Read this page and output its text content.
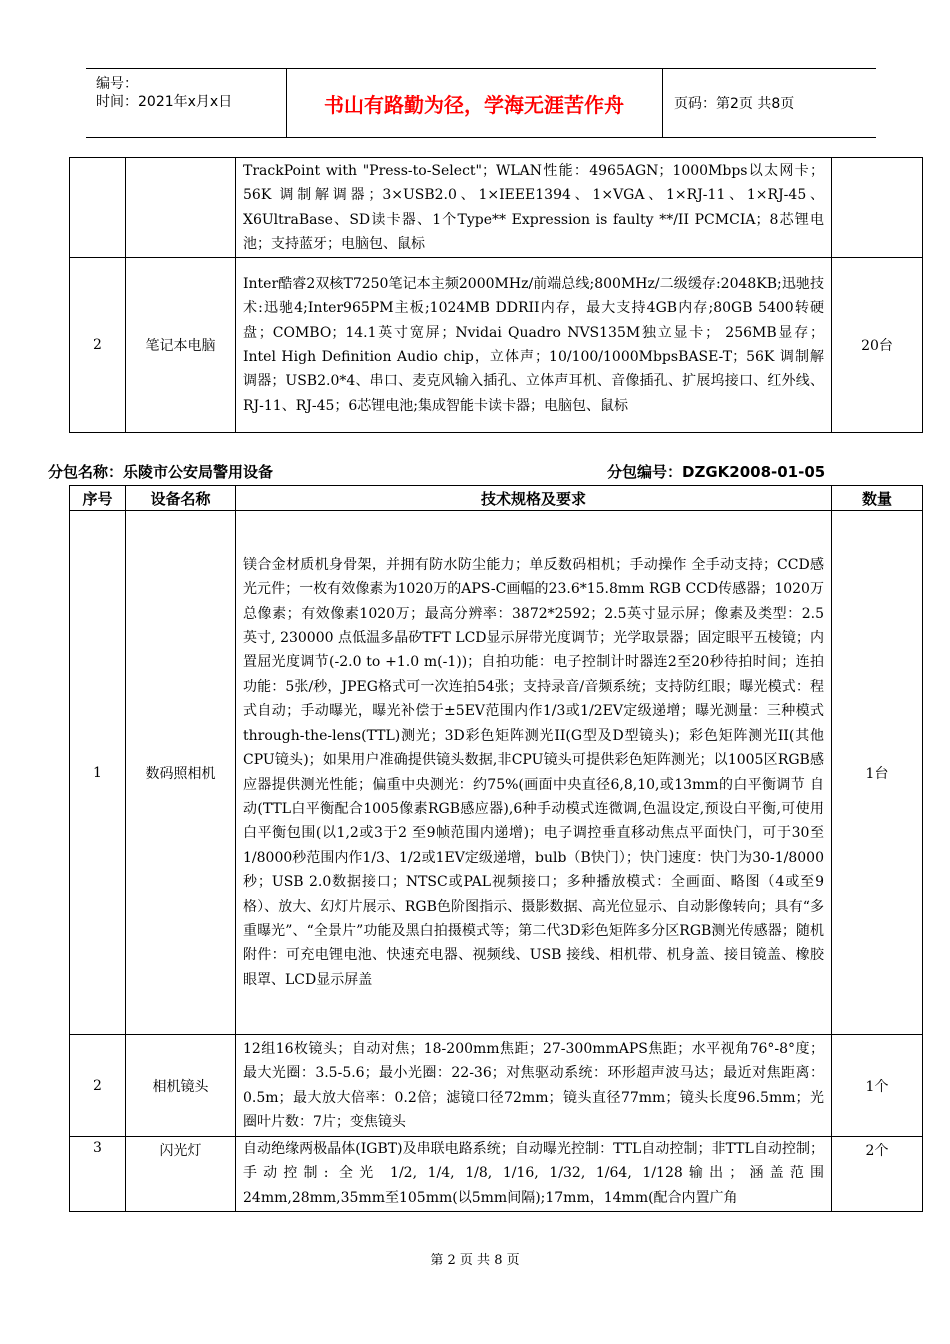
编号：
时间：2021年x月x日	书山有路勤为径，学海无涯苦作舟	页码：第2页 共8页
		TrackPoint with "Press-to-Select"；WLAN性能：4965AGN；1000Mbps以太网卡； 56K 调制解调器；3×USB2.0、1×IEEE1394、1×VGA、1×RJ-11、1×RJ-45、X6UltraBase、SD读卡器、1个Type** Expression is faulty **/II PCMCIA；8芯锂电池；支持蓝牙；电脑包、鼠标	
2	笔记本电脑	Inter酷睿2双核T7250笔记本主频2000MHz/前端总线;800MHz/二级缓存:2048KB;迅驰技术:迅驰4;Inter965PM主板;1024MB DDRII内存，最大支持4GB内存;80GB 5400转硬盘；COMBO；14.1英寸宽屏；Nvidai Quadro NVS135M独立显卡； 256MB显存；Intel High Definition Audio chip，立体声；10/100/1000MbpsBASE-T；56K 调制解调器；USB2.0*4、串口、麦克风输入插孔、立体声耳机、音像插孔、扩展坞接口、红外线、RJ-11、RJ-45；6芯锂电池;集成智能卡读卡器；电脑包、鼠标	20台
分包名称：乐陵市公安局警用设备	分包编号：DZGK2008-01-05
序号	设备名称	技术规格及要求	数量
1	数码照相机	镁合金材质机身骨架，并拥有防水防尘能力；单反数码相机；手动操作 全手动支持；CCD感光元件；一枚有效像素为1020万的APS-C画幅的23.6*15.8mm RGB CCD传感器；1020万总像素；有效像素1020万；最高分辨率：3872*2592；2.5英寸显示屏；像素及类型：2.5 英寸, 230000 点低温多晶矽TFT LCD显示屏带光度调节；光学取景器；固定眼平五棱镜；内置屈光度调节(-2.0 to +1.0 m(-1))；自拍功能：电子控制计时器连2至20秒待拍时间；连拍功能：5张/秒，JPEG格式可一次连拍54张；支持录音/音频系统；支持防红眼；曝光模式：程式自动；手动曝光，曝光补偿于±5EV范围内作1/3或1/2EV定级递增；曝光测量：三种模式through-the-lens(TTL)测光；3D彩色矩阵测光II(G型及D型镜头)；彩色矩阵测光II(其他CPU镜头)；如果用户准确提供镜头数据,非CPU镜头可提供彩色矩阵测光；以1005区RGB感应器提供测光性能；偏重中央测光：约75%(画面中央直径6,8,10,或13mm的白平衡调节 自动(TTL白平衡配合1005像素RGB感应器),6种手动模式连微调,色温设定,预设白平衡,可使用白平衡包围(以1,2或3于2 至9帧范围内递增)；电子调控垂直移动焦点平面快门，可于30至1/8000秒范围内作1/3、1/2或1EV定级递增，bulb（B快门）；快门速度：快门为30-1/8000秒；USB 2.0数据接口；NTSC或PAL视频接口；多种播放模式：全画面、略图（4或至9格）、放大、幻灯片展示、RGB色阶图指示、摄影数据、高光位显示、自动影像转向；具有“多重曝光”、“全景片”功能及黑白拍摄模式等；第二代3D彩色矩阵多分区RGB测光传感器；随机附件：可充电锂电池、快速充电器、视频线、USB 接线、相机带、机身盖、接目镜盖、橡胶眼罩、LCD显示屏盖	1台
2	相机镜头	12组16枚镜头；自动对焦；18-200mm焦距；27-300mmAPS焦距；水平视角76°-8°度；最大光圈：3.5-5.6；最小光圈：22-36；对焦驱动系统：环形超声波马达；最近对焦距离：0.5m；最大放大倍率：0.2倍；滤镜口径72mm；镜头直径77mm；镜头长度96.5mm；光圈叶片数：7片；变焦镜头	1个
3	闪光灯	自动绝缘两极晶体(IGBT)及串联电路系统；自动曝光控制：TTL自动控制；非TTL自动控制；手动控制: 全光 1/2, 1/4, 1/8, 1/16, 1/32, 1/64, 1/128输出；涵盖范围24mm,28mm,35mm至105mm(以5mm间隔);17mm，14mm(配合内置广角	2个
第 2 页 共 8 页
